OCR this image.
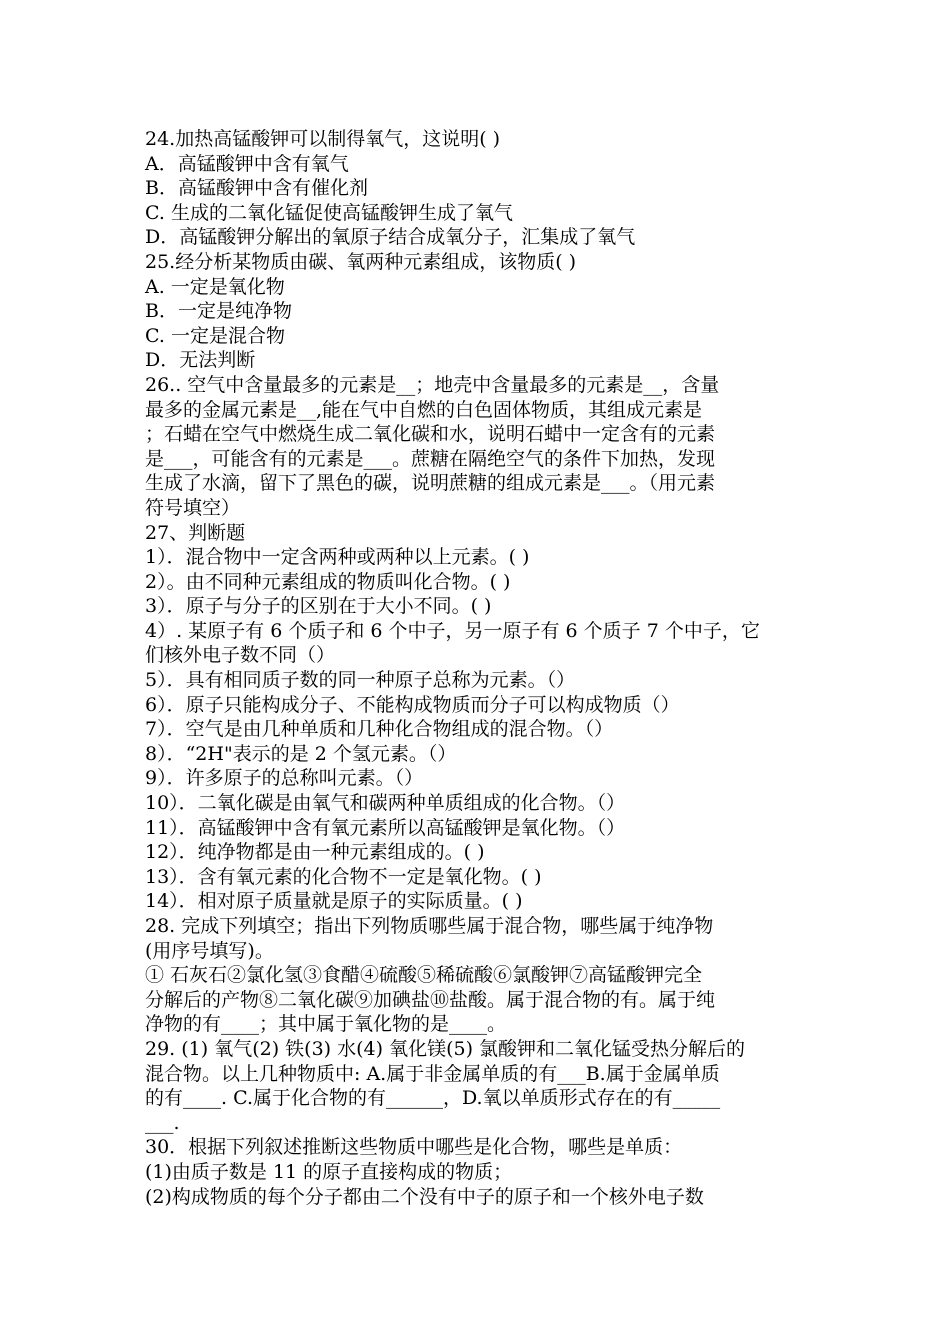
24.加热高锰酸钾可以制得氧气，这说明( )
A．高锰酸钾中含有氧气
B．高锰酸钾中含有催化剂
C. 生成的二氧化锰促使高锰酸钾生成了氧气
D．高锰酸钾分解出的氧原子结合成氧分子，汇集成了氧气
25.经分析某物质由碳、氧两种元素组成，该物质( )
A. 一定是氧化物
B．一定是纯净物
C. 一定是混合物
D．无法判断
26.. 空气中含量最多的元素是__；地壳中含量最多的元素是__，含量
最多的金属元素是__,能在气中自燃的白色固体物质，其组成元素是
；石蜡在空气中燃烧生成二氧化碳和水，说明石蜡中一定含有的元素
是___，可能含有的元素是___。蔗糖在隔绝空气的条件下加热，发现
生成了水滴，留下了黑色的碳，说明蔗糖的组成元素是___。（用元素
符号填空）
27、判断题
1）．混合物中一定含两种或两种以上元素。( )
2）。由不同种元素组成的物质叫化合物。( )
3）．原子与分子的区别在于大小不同。( )
4）. 某原子有 6 个质子和 6 个中子，另一原子有 6 个质子 7 个中子，它
们核外电子数不同（）
5）．具有相同质子数的同一种原子总称为元素。（）
6）．原子只能构成分子、不能构成物质而分子可以构成物质（）
7）．空气是由几种单质和几种化合物组成的混合物。（）
8）．“2H"表示的是 2 个氢元素。（）
9）．许多原子的总称叫元素。（）
10）．二氧化碳是由氧气和碳两种单质组成的化合物。（）
11）．高锰酸钾中含有氧元素所以高锰酸钾是氧化物。（）
12）．纯净物都是由一种元素组成的。( )
13）．含有氧元素的化合物不一定是氧化物。( )
14）．相对原子质量就是原子的实际质量。( )
28. 完成下列填空；指出下列物质哪些属于混合物，哪些属于纯净物
(用序号填写)。
① 石灰石②氯化氢③食醋④硫酸⑤稀硫酸⑥氯酸钾⑦高锰酸钾完全
分解后的产物⑧二氧化碳⑨加碘盐⑩盐酸。属于混合物的有。属于纯
净物的有____；其中属于氧化物的是____。
29. (1) 氧气(2) 铁(3) 水(4) 氧化镁(5) 氯酸钾和二氧化锰受热分解后的
混合物。以上几种物质中: A.属于非金属单质的有___B.属于金属单质
的有____. C.属于化合物的有______，D.氧以单质形式存在的有_____
___.
30．根据下列叙述推断这些物质中哪些是化合物，哪些是单质：
(1)由质子数是 11 的原子直接构成的物质；
(2)构成物质的每个分子都由二个没有中子的原子和一个核外电子数
